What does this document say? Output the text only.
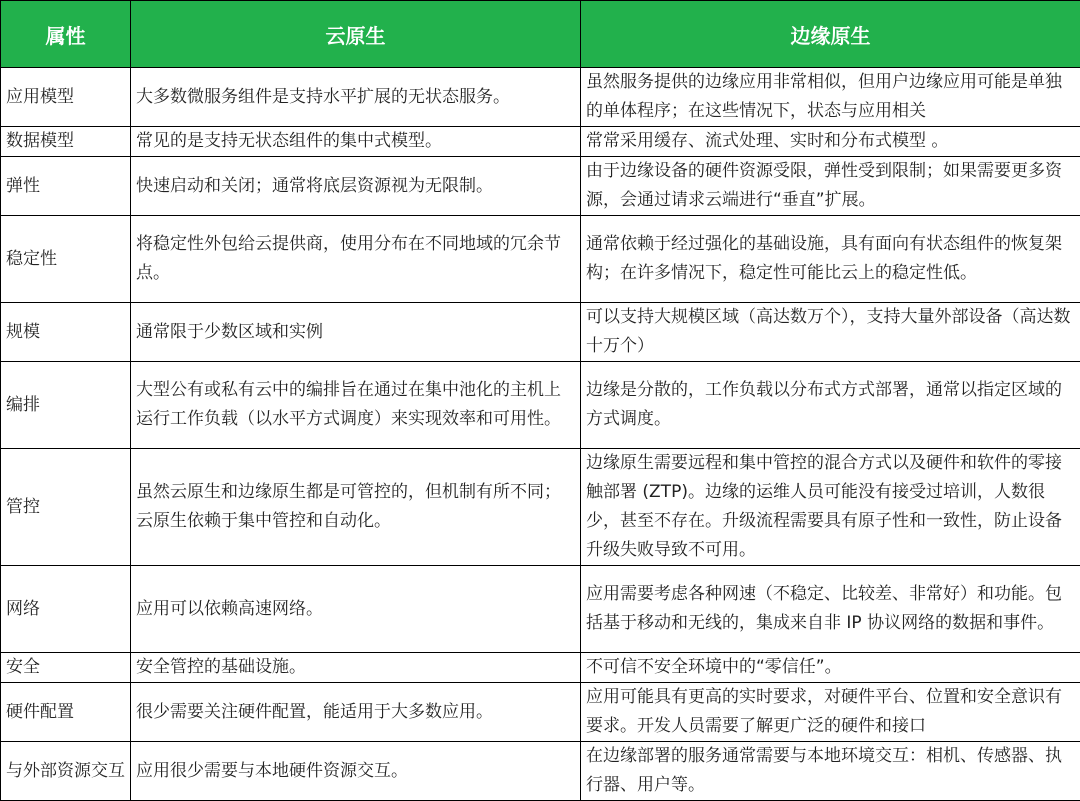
属性	云原生	边缘原生
应用模型	大多数微服务组件是支持水平扩展的无状态服务。	虽然服务提供的边缘应用非常相似，但用户边缘应用可能是单独的单体程序；在这些情况下，状态与应用相关
数据模型	常见的是支持无状态组件的集中式模型。	常常采用缓存、流式处理、实时和分布式模型 。
弹性	快速启动和关闭；通常将底层资源视为无限制。	由于边缘设备的硬件资源受限，弹性受到限制；如果需要更多资源，会通过请求云端进行“垂直”扩展。
稳定性	将稳定性外包给云提供商，使用分布在不同地域的冗余节点。	通常依赖于经过强化的基础设施，具有面向有状态组件的恢复架构；在许多情况下，稳定性可能比云上的稳定性低。
规模	通常限于少数区域和实例	可以支持大规模区域（高达数万个），支持大量外部设备（高达数十万个）
编排	大型公有或私有云中的编排旨在通过在集中池化的主机上运行工作负载（以水平方式调度）来实现效率和可用性。	边缘是分散的，工作负载以分布式方式部署，通常以指定区域的方式调度。
管控	虽然云原生和边缘原生都是可管控的，但机制有所不同；云原生依赖于集中管控和自动化。	边缘原生需要远程和集中管控的混合方式以及硬件和软件的零接触部署 (ZTP)。边缘的运维人员可能没有接受过培训，人数很少，甚至不存在。升级流程需要具有原子性和一致性，防止设备升级失败导致不可用。
网络	应用可以依赖高速网络。	应用需要考虑各种网速（不稳定、比较差、非常好）和功能。包括基于移动和无线的，集成来自非 IP 协议网络的数据和事件。
安全	安全管控的基础设施。	不可信不安全环境中的“零信任”。
硬件配置	很少需要关注硬件配置，能适用于大多数应用。	应用可能具有更高的实时要求，对硬件平台、位置和安全意识有要求。开发人员需要了解更广泛的硬件和接口
与外部资源交互	应用很少需要与本地硬件资源交互。	在边缘部署的服务通常需要与本地环境交互：相机、传感器、执行器、用户等。
